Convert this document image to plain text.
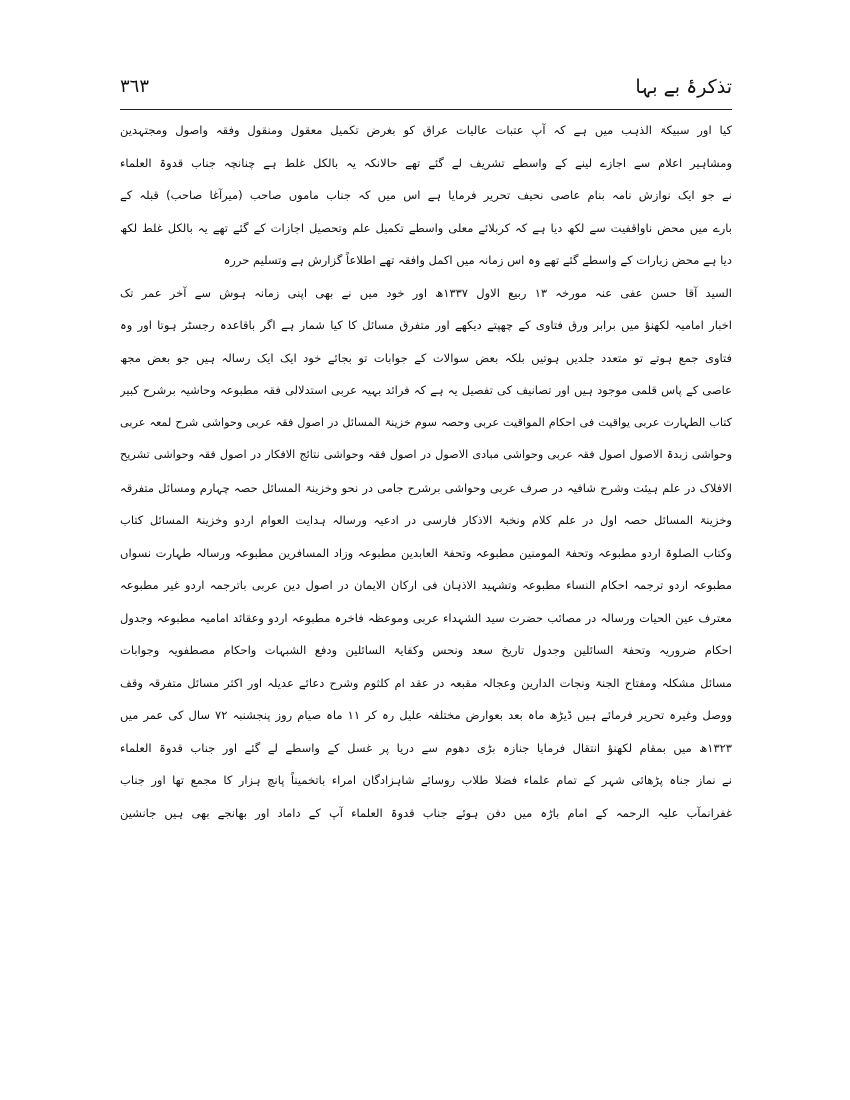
تذکرۂ بے بہا
٣٦٣
کیا اور سبیکۃ الذہب میں ہے کہ آپ عتبات عالیات عراق کو بغرض تکمیل معقول ومنقول وفقہ واصول ومجتہدین
ومشاہیر اعلام سے اجازے لینے کے واسطے تشریف لے گئے تھے حالانکہ یہ بالکل غلط ہے چنانچہ جناب قدوۃ العلماء
نے جو ایک نوازش نامہ بنام عاصی نحیف تحریر فرمایا ہے اس میں کہ جناب ماموں صاحب (میرآغا صاحب) قبلہ کے
بارے میں محض ناواقفیت سے لکھ دیا ہے کہ کربلائے معلی واسطے تکمیل علم وتحصیل اجازات کے گئے تھے یہ بالکل غلط لکھ
دیا ہے محض زیارات کے واسطے گئے تھے وہ اس زمانہ میں اکمل وافقہ تھے اطلاعاً گزارش ہے وتسلیم حررہ
السید آقا حسن عفی عنہ مورخہ ١٣ ربیع الاول ١٣٣٧ھ اور خود میں نے بھی اپنی زمانہ ہوش سے آخر عمر تک
اخبار امامیہ لکھنؤ میں برابر ورق فتاوی کے چھپتے دیکھے اور متفرق مسائل کا کیا شمار ہے اگر باقاعدہ رجسٹر ہوتا اور وہ
فتاوی جمع ہوتے تو متعدد جلدیں ہوتیں بلکہ بعض سوالات کے جوابات تو بجائے خود ایک ایک رسالہ ہیں جو بعض مجھ
عاصی کے پاس قلمی موجود ہیں اور تصانیف کی تفصیل یہ ہے کہ فرائد بہیہ عربی استدلالی فقہ مطبوعہ وحاشیہ برشرح کبیر
کتاب الطہارت عربی یواقیت فی احکام المواقیت عربی وحصہ سوم خزینۃ المسائل در اصول فقہ عربی وحواشی شرح لمعہ عربی
وحواشی زبدۃ الاصول اصول فقہ عربی وحواشی مبادی الاصول در اصول فقہ وحواشی نتائج الافکار در اصول فقہ وحواشی تشریح
الافلاک در علم ہیئت وشرح شافیہ در صرف عربی وحواشی برشرح جامی در نحو وخزینۃ المسائل حصہ چہارم ومسائل متفرقہ
وخزینۃ المسائل حصہ اول در علم کلام ونخبۃ الاذکار فارسی در ادعیہ ورسالہ ہدایت العوام اردو وخزینۃ المسائل کتاب
وکتاب الصلوۃ اردو مطبوعہ وتحفۃ المومنین مطبوعہ وتحفۃ العابدین مطبوعہ وزاد المسافرین مطبوعہ ورسالہ طہارت نسواں
مطبوعہ اردو ترجمہ احکام النساء مطبوعہ وتشہید الاذہان فی ارکان الایمان در اصول دین عربی باترجمہ اردو غیر مطبوعہ
معترف عین الحیات ورسالہ در مصائب حضرت سید الشہداء عربی وموعظہ فاخرہ مطبوعہ اردو وعقائد امامیہ مطبوعہ وجدول
احکام ضروریہ وتحفۃ السائلین وجدول تاریخ سعد ونحس وکفایۃ السائلین ودفع الشبہات واحکام مصطفویہ وجوابات
مسائل مشکلہ ومفتاح الجنۃ ونجات الدارین وعجالہ مقبعہ در عقد ام کلثوم وشرح دعائے عدیلہ اور اکثر مسائل متفرقہ وقف
ووصل وغیرہ تحریر فرمائے ہیں ڈیڑھ ماہ بعد بعوارض مختلفہ علیل رہ کر ١١ ماہ صیام روز پنجشنبہ ٧٢ سال کی عمر میں
١٣٢٣ھ میں بمقام لکھنؤ انتقال فرمایا جنازہ بڑی دھوم سے دریا پر غسل کے واسطے لے گئے اور جناب قدوۃ العلماء
نے نماز جناہ پڑھائی شہر کے تمام علماء فضلا طلاب روسائے شاہزادگان امراء باتخمیناً پانچ ہزار کا مجمع تھا اور جناب
غفرانمآب علیہ الرحمہ کے امام باڑہ میں دفن ہوئے جناب قدوۃ العلماء آپ کے داماد اور بھانجے بھی ہیں جانشین
